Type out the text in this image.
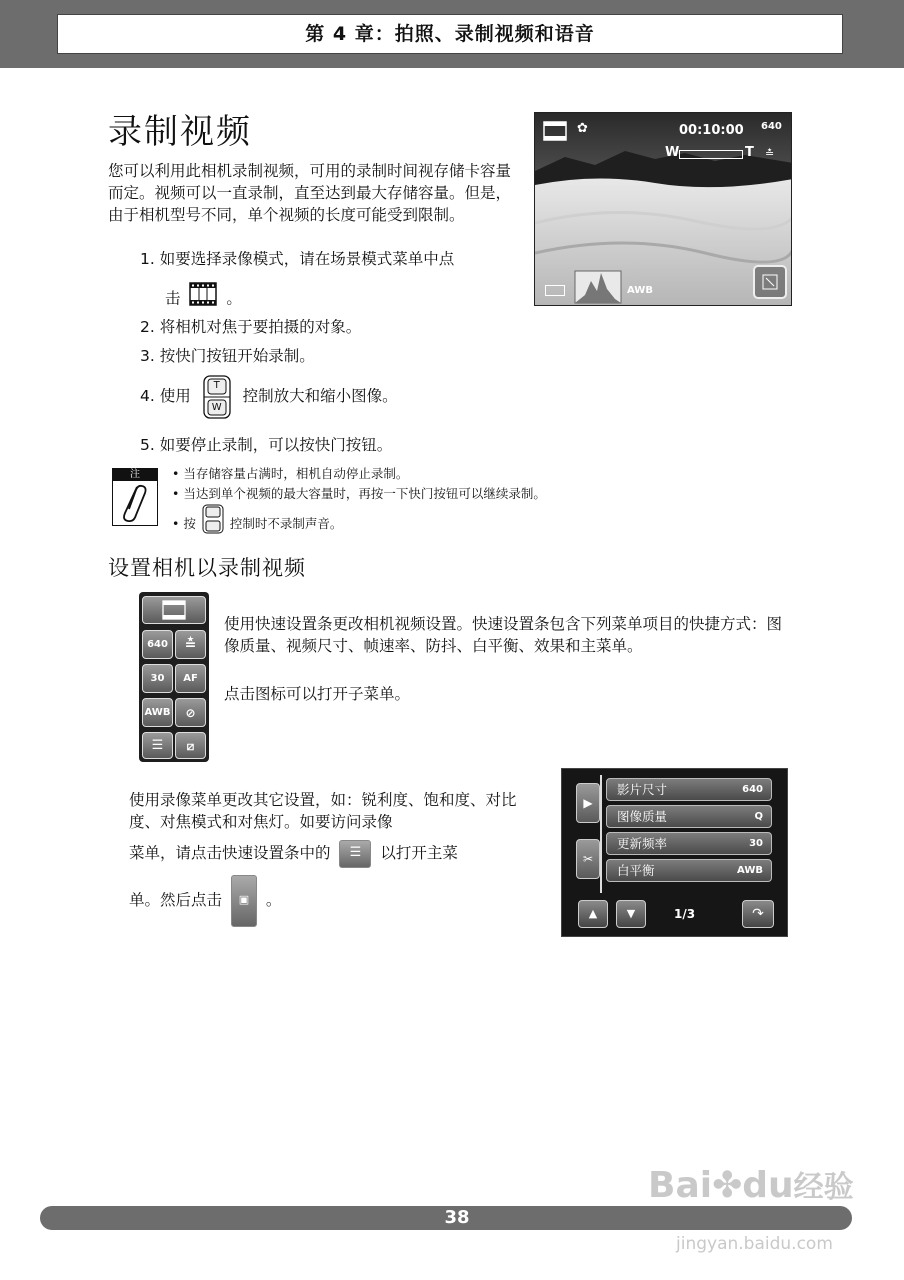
第 4 章：拍照、录制视频和语音
录制视频
您可以利用此相机录制视频，可用的录制时间视存储卡容量而定。视频可以一直录制，直至达到最大存储容量。但是，由于相机型号不同，单个视频的长度可能受到限制。
1. 如要选择录像模式，请在场景模式菜单中点
击	。
2. 将相机对焦于要拍摄的对象。
3. 按快门按钮开始录制。
4. 使用
T
W
控制放大和缩小图像。
5. 如要停止录制，可以按快门按钮。
✿	00:10:00 640
W	T ≛
AWB
注	• 当存储容量占满时，相机自动停止录制。
• 当达到单个视频的最大容量时，再按一下快门按钮可以继续录制。
• 按	控制时不录制声音。
设置相机以录制视频
640	≛
30	AF
AWB	⊘
☰	⧄
使用快速设置条更改相机视频设置。快速设置条包含下列菜单项目的快捷方式：图像质量、视频尺寸、帧速率、防抖、白平衡、效果和主菜单。
点击图标可以打开子菜单。
使用录像菜单更改其它设置，如：锐利度、饱和度、对比度、对焦模式和对焦灯。如要访问录像
菜单，请点击快速设置条中的 ☰ 以打开主菜
单。然后点击 ▣ 。
▶
✂
影片尺寸	640
图像质量	Q
更新频率	30
白平衡	AWB
▲	▼	1/3	↷
Bai✤du经验
jingyan.baidu.com
38
